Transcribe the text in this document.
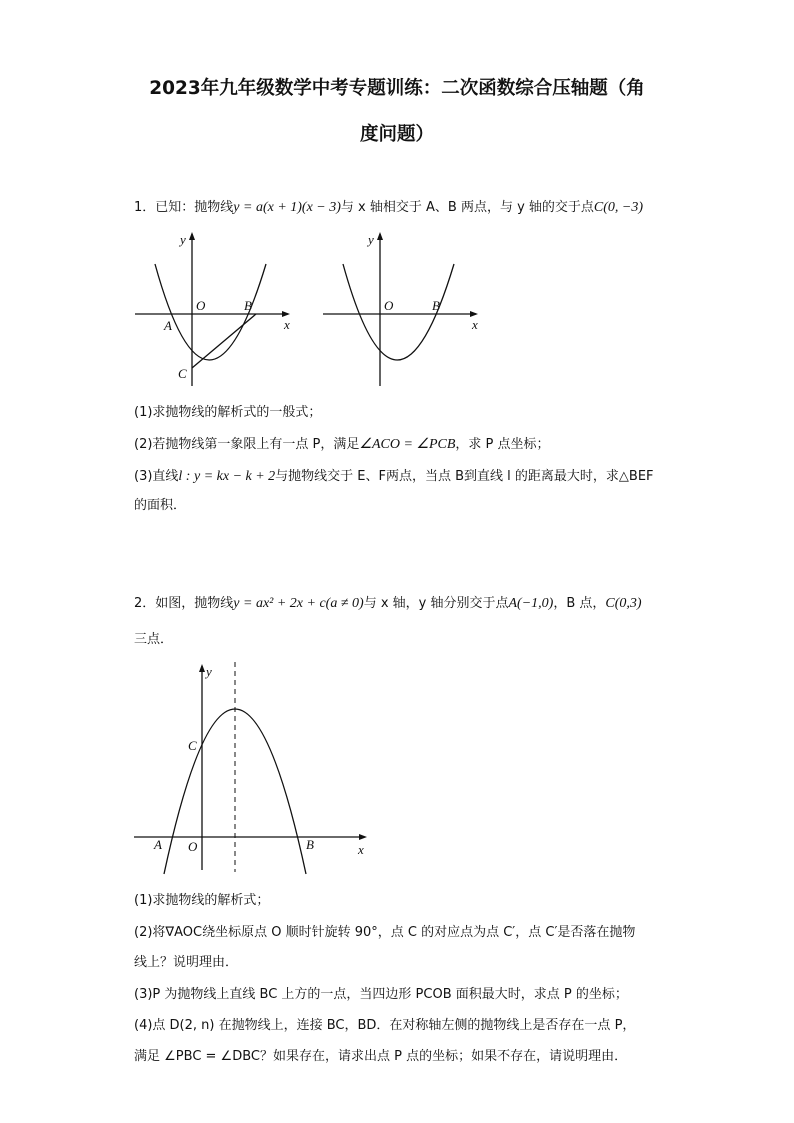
2023年九年级数学中考专题训练：二次函数综合压轴题（角
度问题）
1．已知：抛物线y = a(x + 1)(x − 3)与 x 轴相交于 A、B 两点，与 y 轴的交于点C(0, −3)
y
x
O
A
B
C
y
x
O	B
(1)求抛物线的解析式的一般式；
(2)若抛物线第一象限上有一点 P，满足∠ACO = ∠PCB，求 P 点坐标；
(3)直线l : y = kx − k + 2与抛物线交于 E、F两点，当点 B到直线 l 的距离最大时，求△BEF
的面积．
2．如图，抛物线y = ax² + 2x + c(a ≠ 0)与 x 轴，y 轴分别交于点A(−1,0)，B 点，C(0,3)
三点．
y
x
O
A	B
C
(1)求抛物线的解析式；
(2)将∇AOC绕坐标原点 O 顺时针旋转 90°，点 C 的对应点为点 C′，点 C′是否落在抛物
线上？说明理由．
(3)P 为抛物线上直线 BC 上方的一点，当四边形 PCOB 面积最大时，求点 P 的坐标；
(4)点 D(2, n) 在抛物线上，连接 BC，BD．在对称轴左侧的抛物线上是否存在一点 P，
满足 ∠PBC = ∠DBC？如果存在，请求出点 P 点的坐标；如果不存在，请说明理由．
